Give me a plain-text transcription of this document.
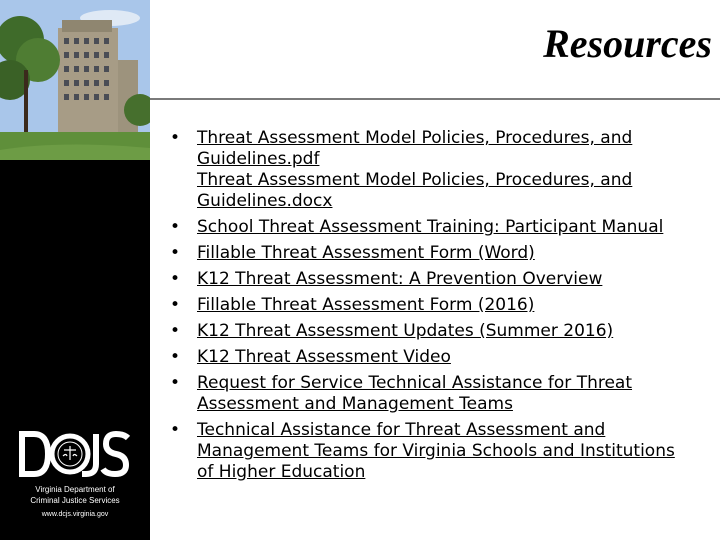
Virginia Department of
Criminal Justice Services
www.dcjs.virginia.gov
Resources
• Threat Assessment Model Policies, Procedures, and Guidelines.pdf
Threat Assessment Model Policies, Procedures, and Guidelines.docx
• School Threat Assessment Training: Participant Manual
• Fillable Threat Assessment Form (Word)
• K12 Threat Assessment: A Prevention Overview
• Fillable Threat Assessment Form (2016)
• K12 Threat Assessment Updates (Summer 2016)
• K12 Threat Assessment Video
• Request for Service Technical Assistance for Threat Assessment and Management Teams
• Technical Assistance for Threat Assessment and Management Teams for Virginia Schools and Institutions of Higher Education
